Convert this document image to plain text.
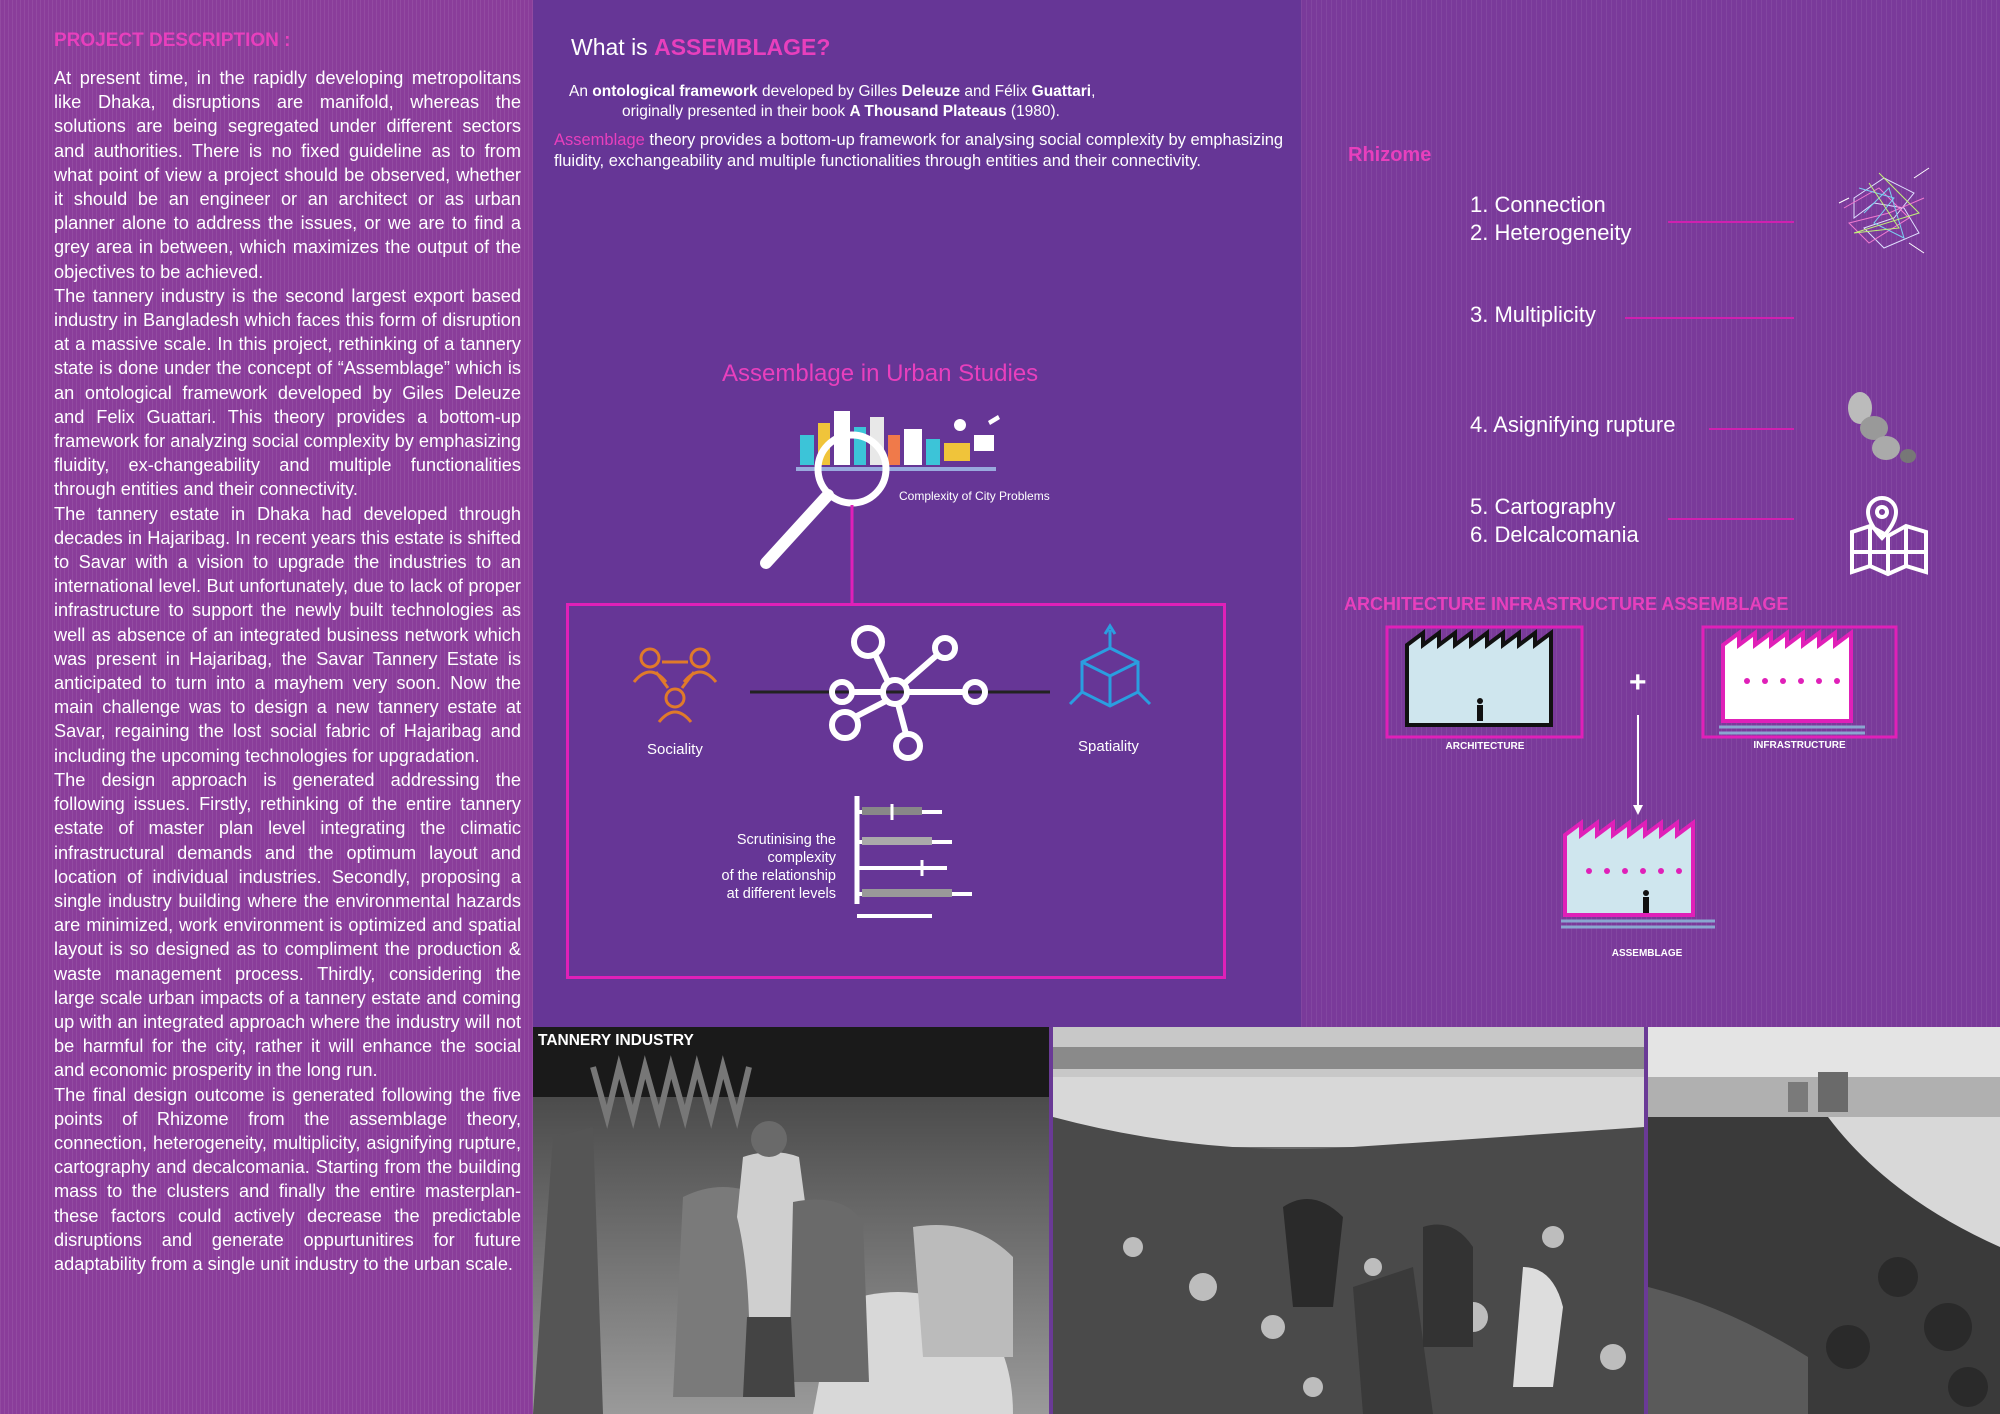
PROJECT DESCRIPTION :

At present time, in the rapidly developing metropolitans like Dhaka, disruptions are manifold, whereas the solutions are being segregated under different sectors and authorities. There is no fixed guideline as to from what point of view a project should be observed, whether it should be an engineer or an architect or as urban planner alone to address the issues, or we are to find a grey area in between, which maximizes the output of the objectives to be achieved.

The tannery industry is the second largest export based industry in Bangladesh which faces this form of disruption at a massive scale. In this project, rethinking of a tannery state is done under the concept of “Assemblage” which is an ontological framework developed by Giles Deleuze and Felix Guattari. This theory provides a bottom-up framework for analyzing social complexity by emphasizing fluidity, ex-changeability and multiple functionalities through entities and their connectivity.

The tannery estate in Dhaka had developed through decades in Hajaribag. In recent years this estate is shifted to Savar with a vision to upgrade the industries to an international level. But unfortunately, due to lack of proper infrastructure to support the newly built technologies as well as absence of an integrated business network which was present in Hajaribag, the Savar Tannery Estate is anticipated to turn into a mayhem very soon. Now the main challenge was to design a new tannery estate at Savar, regaining the lost social fabric of Hajaribag and including the upcoming technologies for upgradation.

The design approach is generated addressing the following issues. Firstly, rethinking of the entire tannery estate of master plan level integrating the climatic infrastructural demands and the optimum layout and location of individual industries. Secondly, proposing a single industry building where the environmental hazards are minimized, work environment is optimized and spatial layout is so designed as to compliment the production & waste management process. Thirdly, considering the large scale urban impacts of a tannery estate and coming up with an integrated approach where the industry will not be harmful for the city, rather it will enhance the social and economic prosperity in the long run.

The final design outcome is generated following the five points of Rhizome from the assemblage theory, connection, heterogeneity, multiplicity, asignifying rupture, cartography and decalcomania. Starting from the building mass to the clusters and finally the entire masterplan- these factors could actively decrease the predictable disruptions and generate oppurtunitires for future adaptability from a single unit industry to the urban scale.

What is ASSEMBLAGE?
An ontological framework developed by Gilles Deleuze and Félix Guattari,
originally presented in their book A Thousand Plateaus (1980).
Assemblage theory provides a bottom-up framework for analysing social complexity by emphasizing fluidity, exchangeability and multiple functionalities through entities and their connectivity.
Assemblage in Urban Studies
Complexity of City Problems
Sociality	Spatiality
Scrutinising the
complexity
of the relationship
at different levels
Rhizome
1. Connection
2. Heterogeneity
3. Multiplicity
4. Asignifying rupture
5. Cartography
6. Delcalcomania
ARCHITECTURE INFRASTRUCTURE ASSEMBLAGE
ARCHITECTURE	INFRASTRUCTURE
ASSEMBLAGE
+
TANNERY INDUSTRY
